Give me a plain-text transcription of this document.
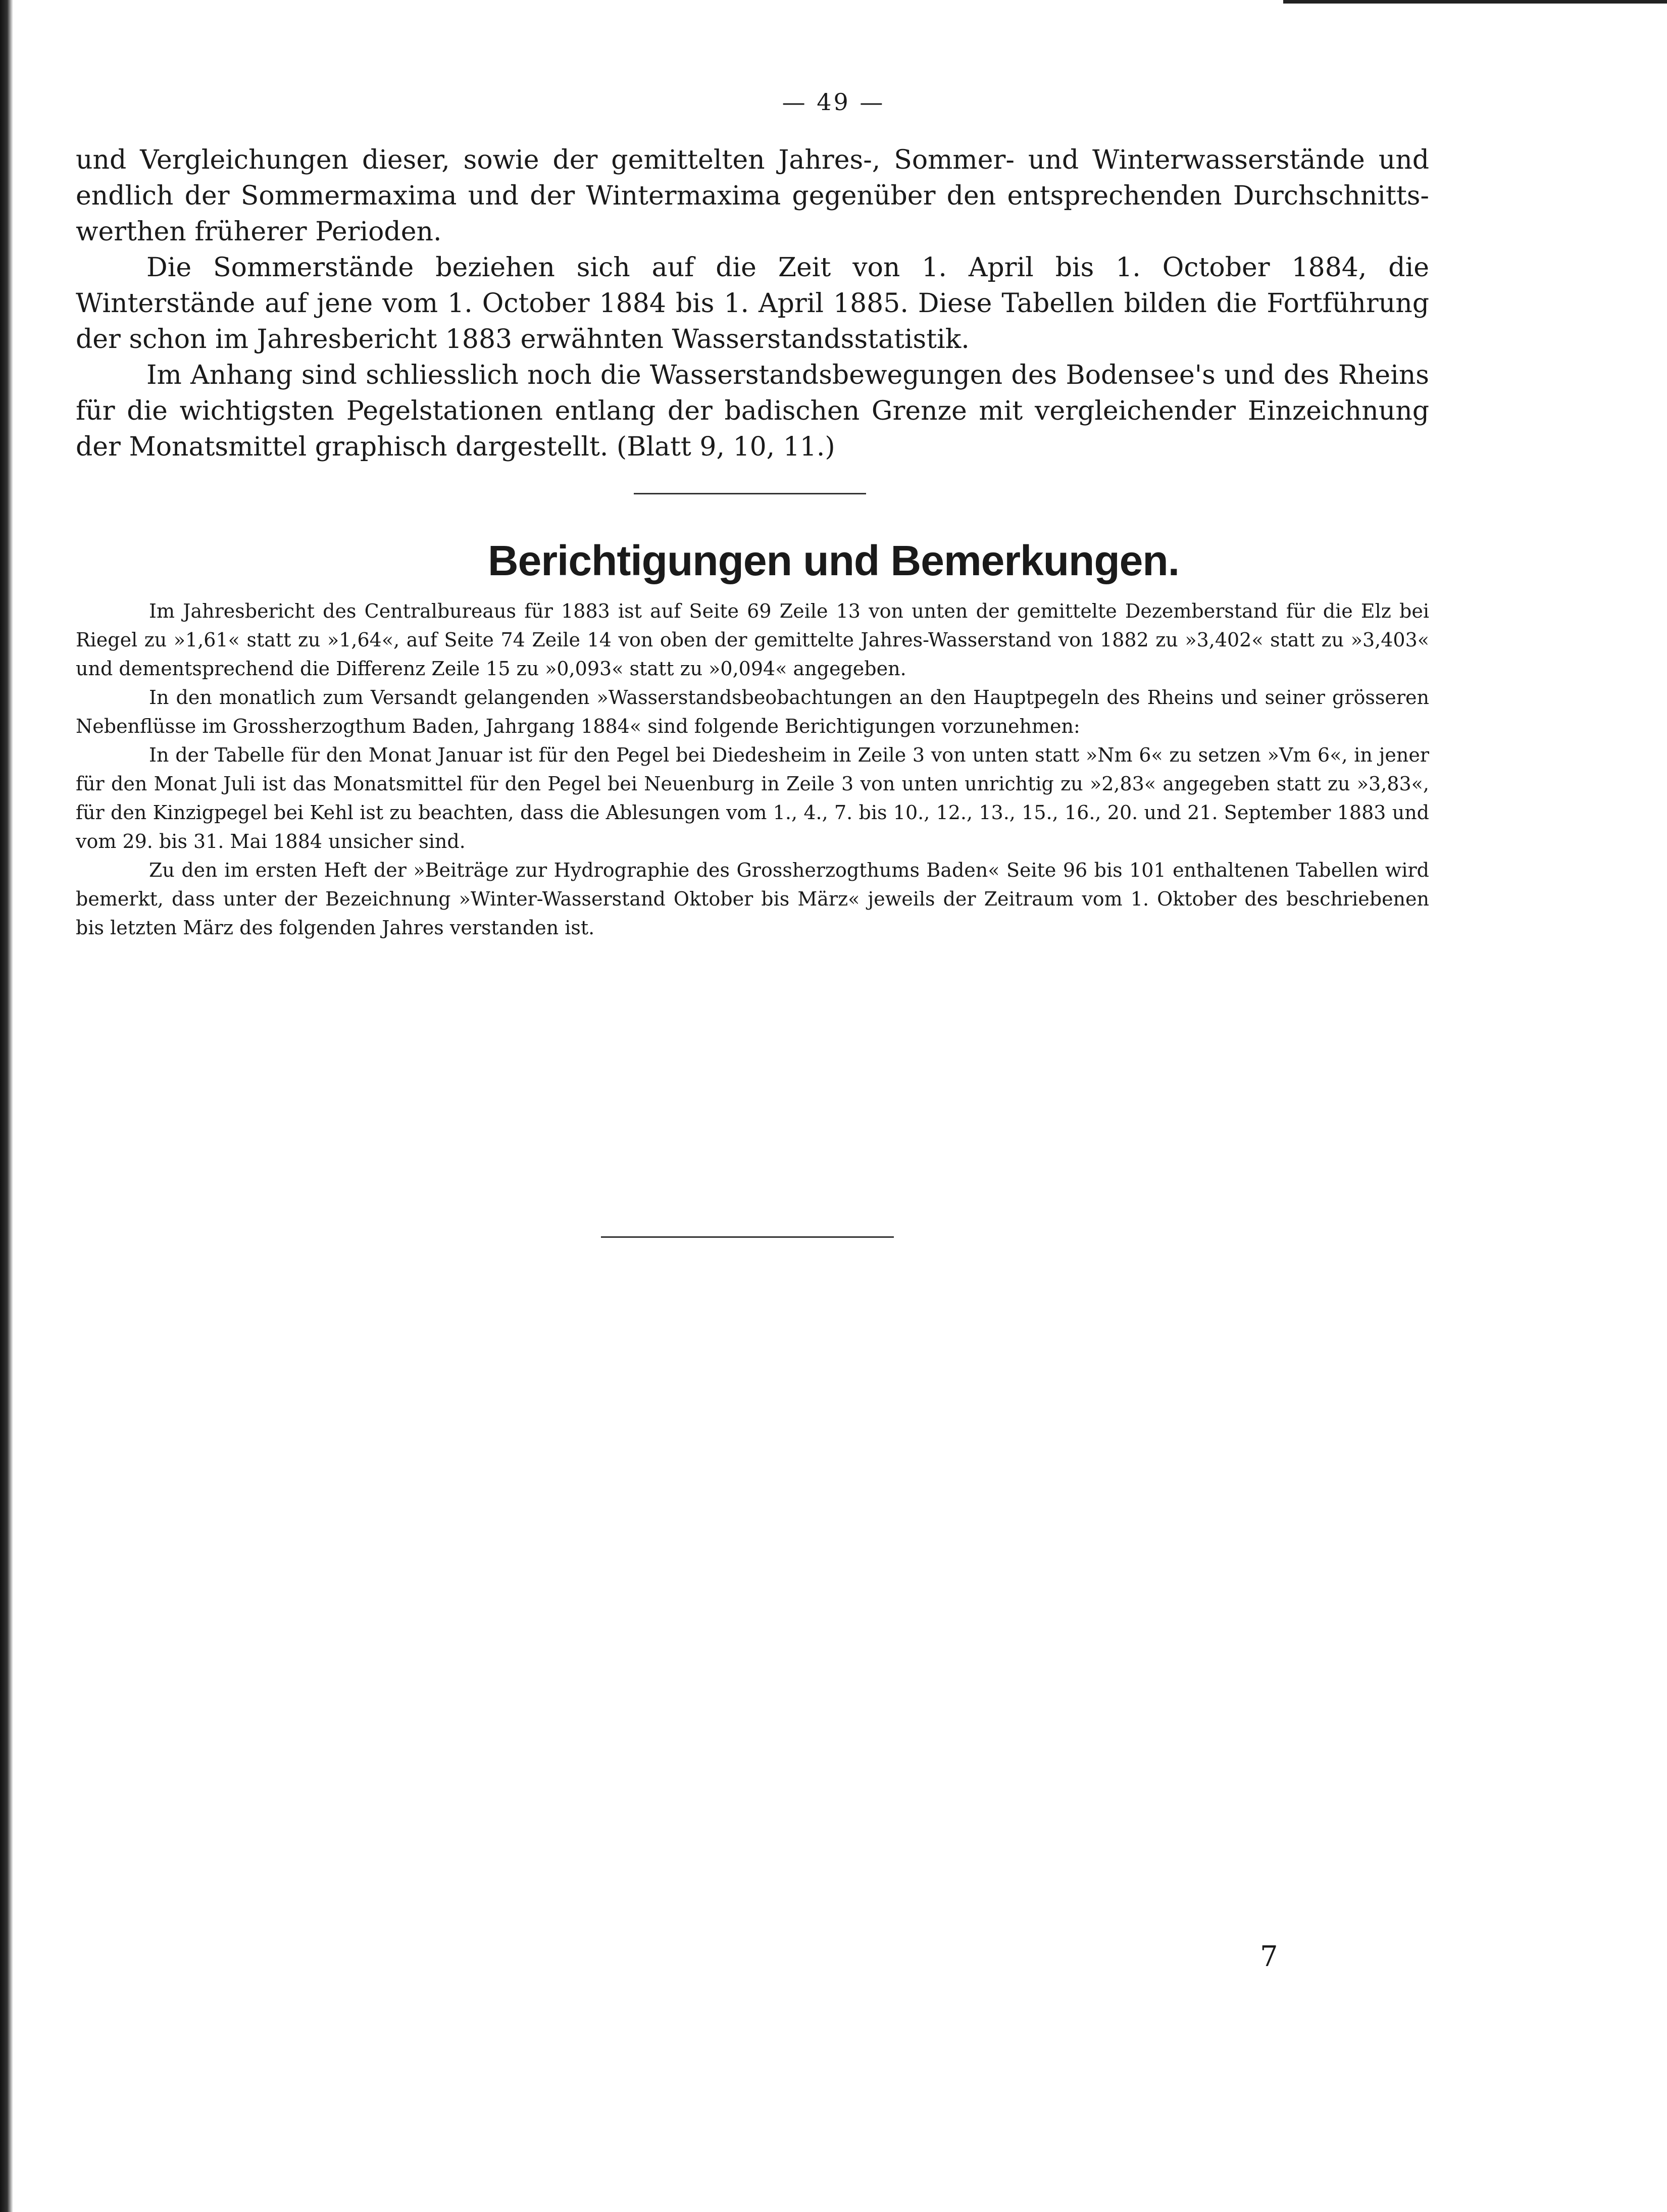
— 49 —

und Vergleichungen dieser, sowie der gemittelten Jahres-, Sommer- und Winterwasserstände und endlich der Sommermaxima und der Wintermaxima gegenüber den entsprechenden Durchschnitts-werthen früherer Perioden.

Die Sommerstände beziehen sich auf die Zeit von 1. April bis 1. October 1884, die Winterstände auf jene vom 1. October 1884 bis 1. April 1885. Diese Tabellen bilden die Fortführung der schon im Jahresbericht 1883 erwähnten Wasserstandsstatistik.

Im Anhang sind schliesslich noch die Wasserstandsbewegungen des Bodensee's und des Rheins für die wichtigsten Pegelstationen entlang der badischen Grenze mit vergleichender Einzeichnung der Monatsmittel graphisch dargestellt. (Blatt 9, 10, 11.)

Berichtigungen und Bemerkungen.

Im Jahresbericht des Centralbureaus für 1883 ist auf Seite 69 Zeile 13 von unten der gemittelte Dezemberstand für die Elz bei Riegel zu »1,61« statt zu »1,64«, auf Seite 74 Zeile 14 von oben der gemittelte Jahres-Wasserstand von 1882 zu »3,402« statt zu »3,403« und dementsprechend die Differenz Zeile 15 zu »0,093« statt zu »0,094« angegeben.

In den monatlich zum Versandt gelangenden »Wasserstandsbeobachtungen an den Hauptpegeln des Rheins und seiner grösseren Nebenflüsse im Grossherzogthum Baden, Jahrgang 1884« sind folgende Berichtigungen vorzunehmen:

In der Tabelle für den Monat Januar ist für den Pegel bei Diedesheim in Zeile 3 von unten statt »Nm 6« zu setzen »Vm 6«, in jener für den Monat Juli ist das Monatsmittel für den Pegel bei Neuenburg in Zeile 3 von unten unrichtig zu »2,83« angegeben statt zu »3,83«, für den Kinzigpegel bei Kehl ist zu beachten, dass die Ablesungen vom 1., 4., 7. bis 10., 12., 13., 15., 16., 20. und 21. September 1883 und vom 29. bis 31. Mai 1884 unsicher sind.

Zu den im ersten Heft der »Beiträge zur Hydrographie des Grossherzogthums Baden« Seite 96 bis 101 enthaltenen Tabellen wird bemerkt, dass unter der Bezeichnung »Winter-Wasserstand Oktober bis März« jeweils der Zeitraum vom 1. Oktober des beschriebenen bis letzten März des folgenden Jahres verstanden ist.

7
